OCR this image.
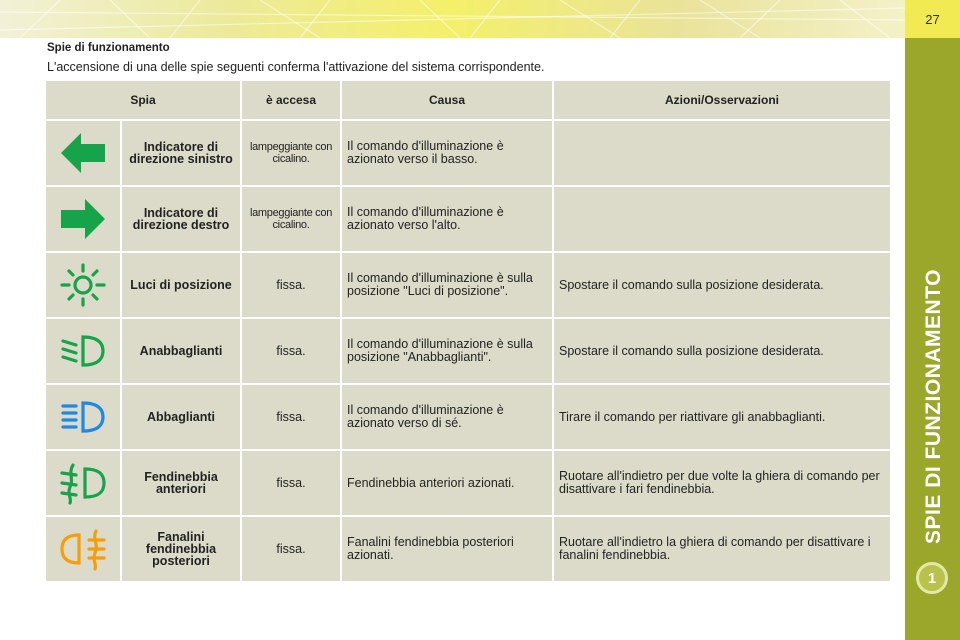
27
SPIE DI FUNZIONAMENTO
1
Spie di funzionamento
L'accensione di una delle spie seguenti conferma l'attivazione del sistema corrispondente.
Spia		è accesa	Causa	Azioni/Osservazioni
	Indicatore di direzione sinistro	lampeggiante con cicalino.	Il comando d'illuminazione è azionato verso il basso.	
	Indicatore di direzione destro	lampeggiante con cicalino.	Il comando d'illuminazione è azionato verso l'alto.	
	Luci di posizione	fissa.	Il comando d'illuminazione è sulla posizione "Luci di posizione".	Spostare il comando sulla posizione desiderata.
	Anabbaglianti	fissa.	Il comando d'illuminazione è sulla posizione "Anabbaglianti".	Spostare il comando sulla posizione desiderata.
	Abbaglianti	fissa.	Il comando d'illuminazione è azionato verso di sé.	Tirare il comando per riattivare gli anabbaglianti.
	Fendinebbia anteriori	fissa.	Fendinebbia anteriori azionati.	Ruotare all'indietro per due volte la ghiera di comando per disattivare i fari fendinebbia.
	Fanalini fendinebbia posteriori	fissa.	Fanalini fendinebbia posteriori azionati.	Ruotare all'indietro la ghiera di comando per disattivare i fanalini fendinebbia.
